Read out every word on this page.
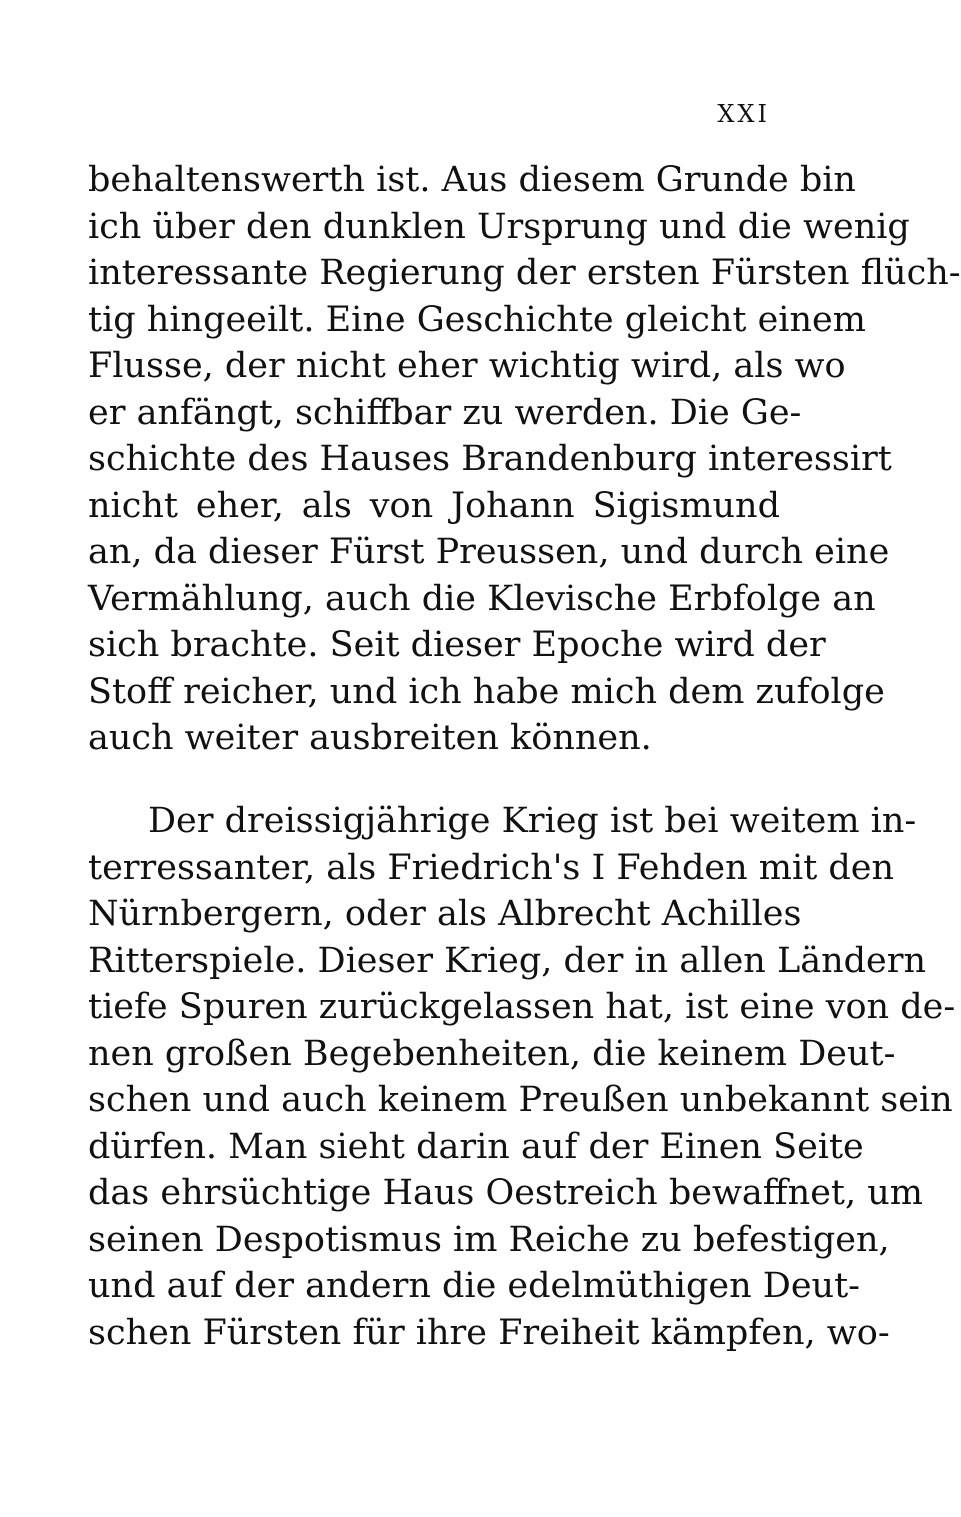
XXI
behaltenswerth ist. Aus diesem Grunde bin
ich über den dunklen Ursprung und die wenig
interessante Regierung der ersten Fürsten flüch-
tig hingeeilt. Eine Geschichte gleicht einem
Flusse, der nicht eher wichtig wird, als wo
er anfängt, schiffbar zu werden. Die Ge-
schichte des Hauses Brandenburg interessirt
nicht eher, als von Johann Sigismund
an, da dieser Fürst Preussen, und durch eine
Vermählung, auch die Klevische Erbfolge an
sich brachte. Seit dieser Epoche wird der
Stoff reicher, und ich habe mich dem zufolge
auch weiter ausbreiten können.
Der dreissigjährige Krieg ist bei weitem in-
terressanter, als Friedrich's I Fehden mit den
Nürnbergern, oder als Albrecht Achilles
Ritterspiele. Dieser Krieg, der in allen Ländern
tiefe Spuren zurückgelassen hat, ist eine von de-
nen großen Begebenheiten, die keinem Deut-
schen und auch keinem Preußen unbekannt sein
dürfen. Man sieht darin auf der Einen Seite
das ehrsüchtige Haus Oestreich bewaffnet, um
seinen Despotismus im Reiche zu befestigen,
und auf der andern die edelmüthigen Deut-
schen Fürsten für ihre Freiheit kämpfen, wo-
